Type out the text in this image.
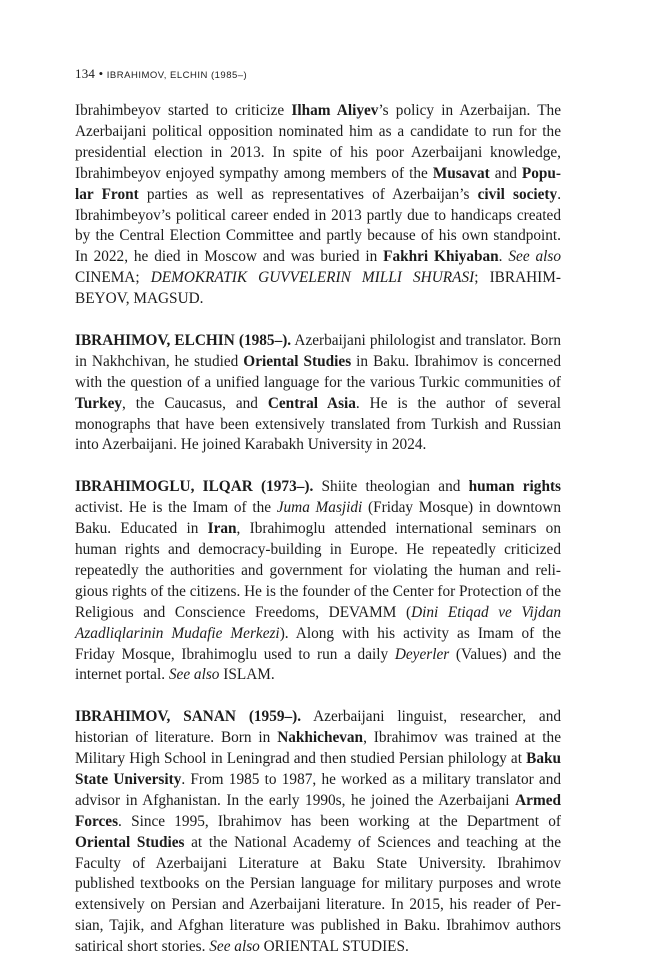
134 • IBRAHIMOV, ELCHIN (1985–)

Ibrahimbeyov started to criticize Ilham Aliyev’s policy in Azerbaijan. The Azerbaijani political opposition nominated him as a candidate to run for the presidential election in 2013. In spite of his poor Azerbaijani knowledge, Ibrahimbeyov enjoyed sympathy among members of the Musavat and Popular Front parties as well as representatives of Azerbaijan’s civil society. Ibrahimbeyov’s political career ended in 2013 partly due to handicaps created by the Central Election Committee and partly because of his own standpoint. In 2022, he died in Moscow and was buried in Fakhri Khiyaban. See also CINEMA; DEMOKRATIK GUVVELERIN MILLI SHURASI; IBRAHIMBEYOV, MAGSUD.

IBRAHIMOV, ELCHIN (1985–). Azerbaijani philologist and translator. Born in Nakhchivan, he studied Oriental Studies in Baku. Ibrahimov is concerned with the question of a unified language for the various Turkic communities of Turkey, the Caucasus, and Central Asia. He is the author of several monographs that have been extensively translated from Turkish and Russian into Azerbaijani. He joined Karabakh University in 2024.

IBRAHIMOGLU, ILQAR (1973–). Shiite theologian and human rights activist. He is the Imam of the Juma Masjidi (Friday Mosque) in downtown Baku. Educated in Iran, Ibrahimoglu attended international seminars on human rights and democracy-building in Europe. He repeatedly criticized repeatedly the authorities and government for violating the human and religious rights of the citizens. He is the founder of the Center for Protection of the Religious and Conscience Freedoms, DEVAMM (Dini Etiqad ve Vijdan Azadliqlarinin Mudafie Merkezi). Along with his activity as Imam of the Friday Mosque, Ibrahimoglu used to run a daily Deyerler (Values) and the internet portal. See also ISLAM.

IBRAHIMOV, SANAN (1959–). Azerbaijani linguist, researcher, and historian of literature. Born in Nakhichevan, Ibrahimov was trained at the Military High School in Leningrad and then studied Persian philology at Baku State University. From 1985 to 1987, he worked as a military translator and advisor in Afghanistan. In the early 1990s, he joined the Azerbaijani Armed Forces. Since 1995, Ibrahimov has been working at the Department of Oriental Studies at the National Academy of Sciences and teaching at the Faculty of Azerbaijani Literature at Baku State University. Ibrahimov published textbooks on the Persian language for military purposes and wrote extensively on Persian and Azerbaijani literature. In 2015, his reader of Persian, Tajik, and Afghan literature was published in Baku. Ibrahimov authors satirical short stories. See also ORIENTAL STUDIES.
